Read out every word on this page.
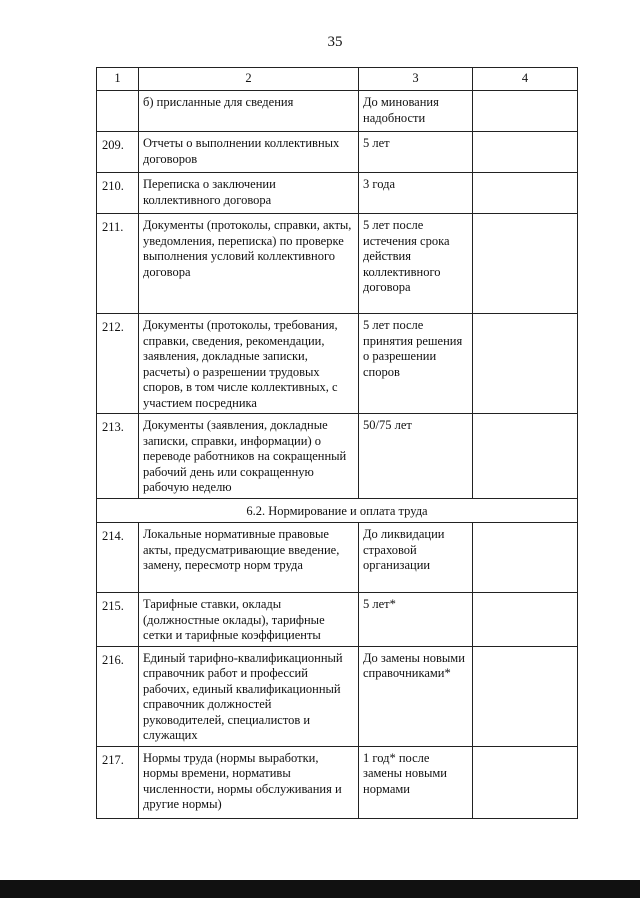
35
1	2	3	4
	б) присланные для сведения	До минования надобности	
209.	Отчеты о выполнении коллективных договоров	5 лет	
210.	Переписка о заключении коллективного договора	3 года	
211.	Документы (протоколы, справки, акты, уведомления, переписка) по проверке выполнения условий коллективного договора	5 лет после истечения срока действия коллективного договора	
212.	Документы (протоколы, требования, справки, сведения, рекомендации, заявления, докладные записки, расчеты) о разрешении трудовых споров, в том числе коллективных, с участием посредника	5 лет после принятия решения о разрешении споров	
213.	Документы (заявления, докладные записки, справки, информации) о переводе работников на сокращенный рабочий день или сокращенную рабочую неделю	50/75 лет	
6.2. Нормирование и оплата труда			
214.	Локальные нормативные правовые акты, предусматривающие введение, замену, пересмотр норм труда	До ликвидации страховой организации	
215.	Тарифные ставки, оклады (должностные оклады), тарифные сетки и тарифные коэффициенты	5 лет*	
216.	Единый тарифно-квалификационный справочник работ и профессий рабочих, единый квалификационный справочник должностей руководителей, специалистов и служащих	До замены новыми справочниками*	
217.	Нормы труда (нормы выработки, нормы времени, нормативы численности, нормы обслуживания и другие нормы)	1 год* после замены новыми нормами	
